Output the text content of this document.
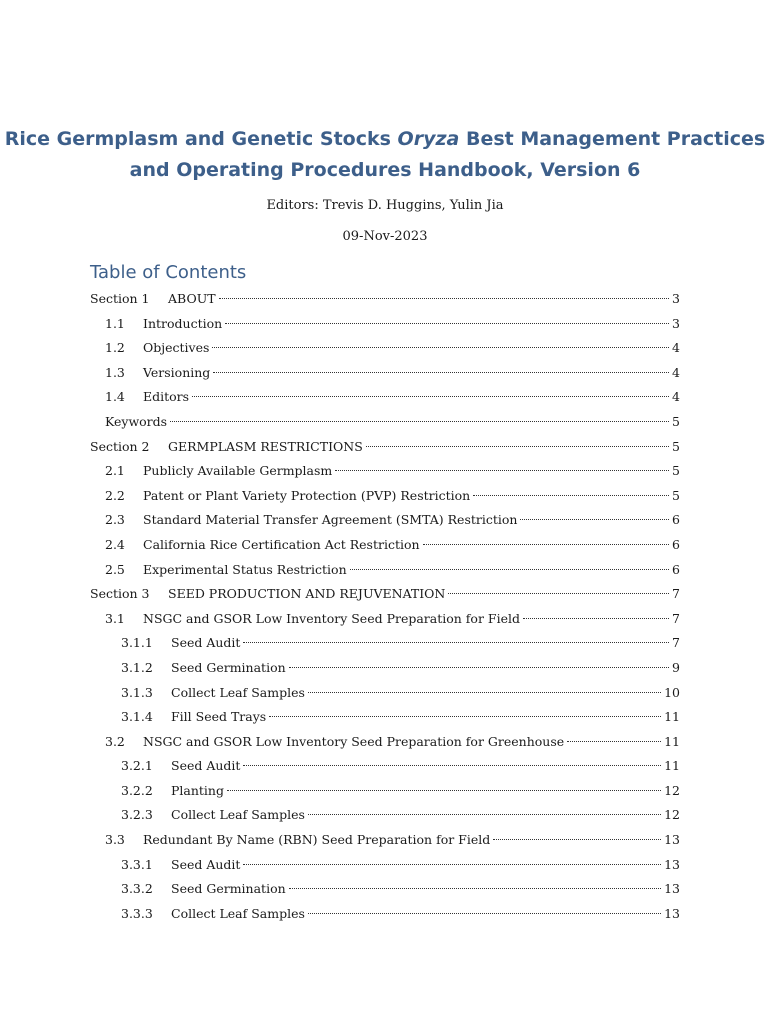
Rice Germplasm and Genetic Stocks Oryza Best Management Practices and Operating Procedures Handbook, Version 6
Editors: Trevis D. Huggins, Yulin Jia
09-Nov-2023
Table of Contents
Section 1	ABOUT	3
1.1	Introduction	3
1.2	Objectives	4
1.3	Versioning	4
1.4	Editors	4
Keywords	5
Section 2	GERMPLASM RESTRICTIONS	5
2.1	Publicly Available Germplasm	5
2.2	Patent or Plant Variety Protection (PVP) Restriction	5
2.3	Standard Material Transfer Agreement (SMTA) Restriction	6
2.4	California Rice Certification Act Restriction	6
2.5	Experimental Status Restriction	6
Section 3	SEED PRODUCTION AND REJUVENATION	7
3.1	NSGC and GSOR Low Inventory Seed Preparation for Field	7
3.1.1	Seed Audit	7
3.1.2	Seed Germination	9
3.1.3	Collect Leaf Samples	10
3.1.4	Fill Seed Trays	11
3.2	NSGC and GSOR Low Inventory Seed Preparation for Greenhouse	11
3.2.1	Seed Audit	11
3.2.2	Planting	12
3.2.3	Collect Leaf Samples	12
3.3	Redundant By Name (RBN) Seed Preparation for Field	13
3.3.1	Seed Audit	13
3.3.2	Seed Germination	13
3.3.3	Collect Leaf Samples	13
